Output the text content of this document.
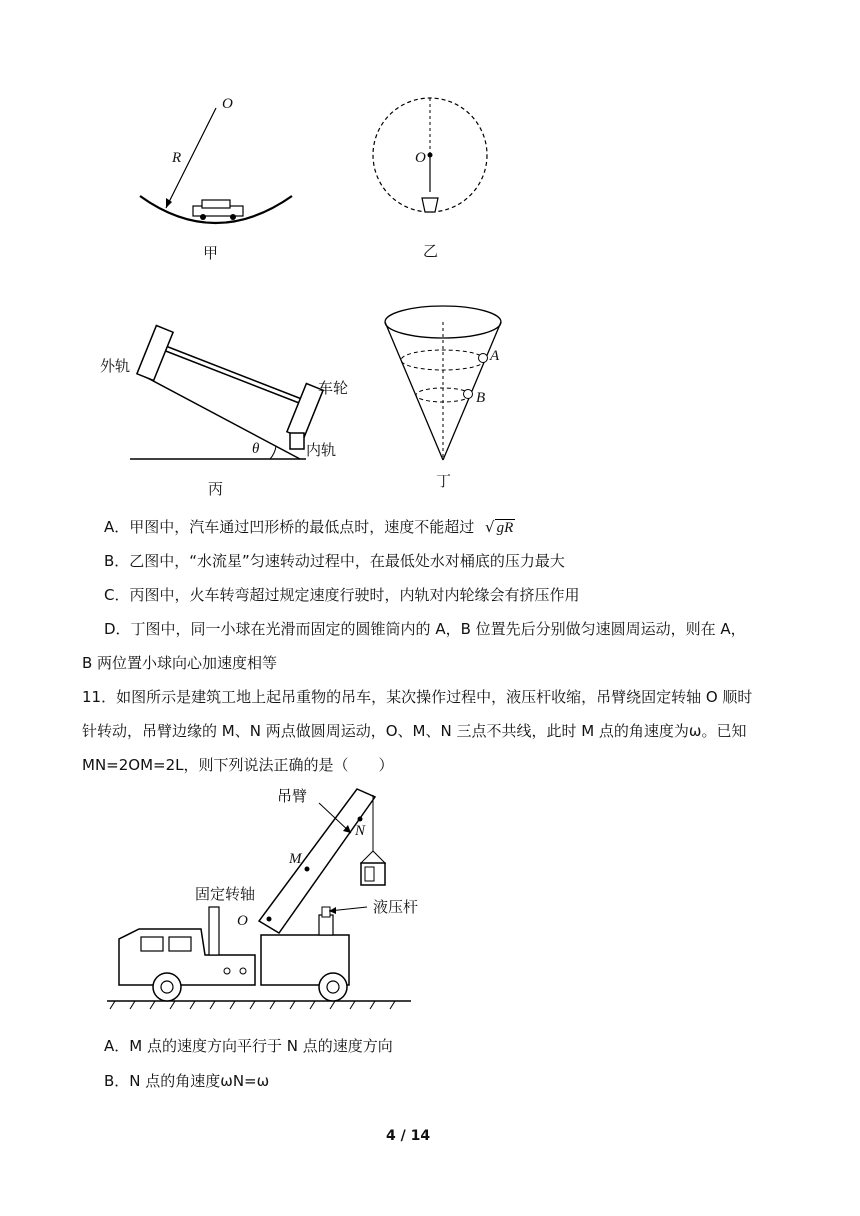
O
R
甲
O
乙
外轨
车轮
内轨
θ
丙
A
B
丁
A．甲图中，汽车通过凹形桥的最低点时，速度不能超过 √ gR
B．乙图中，“水流星”匀速转动过程中，在最低处水对桶底的压力最大
C．丙图中，火车转弯超过规定速度行驶时，内轨对内轮缘会有挤压作用
D．丁图中，同一小球在光滑而固定的圆锥筒内的 A，B 位置先后分别做匀速圆周运动，则在 A，
B 两位置小球向心加速度相等
11．如图所示是建筑工地上起吊重物的吊车，某次操作过程中，液压杆收缩，吊臂绕固定转轴 O 顺时
针转动，吊臂边缘的 M、N 两点做圆周运动，O、M、N 三点不共线，此时 M 点的角速度为ω。已知
MN=2OM=2L，则下列说法正确的是（　　）
吊臂
固定转轴
液压杆
M
N
O
A．M 点的速度方向平行于 N 点的速度方向
B．N 点的角速度ωN=ω
4 / 14
